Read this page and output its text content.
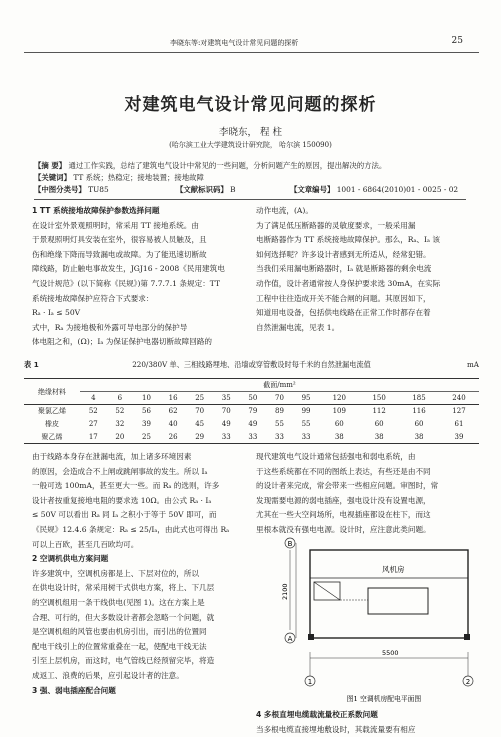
李晓东等:对建筑电气设计常见问题的探析	25
对建筑电气设计常见问题的探析
李晓东， 程 柱
(哈尔滨工业大学建筑设计研究院， 哈尔滨 150090)
【摘 要】 通过工作实践，总结了建筑电气设计中常见的一些问题，分析问题产生的原因，提出解决的方法。
【关键词】 TT 系统；热稳定；接地装置；接地故障
【中图分类号】 TU85	【文献标识码】 B	【文章编号】 1001 - 6864(2010)01 - 0025 - 02

1 TT 系统接地故障保护参数选择问题

在设计室外景观照明时，常采用 TT 接地系统。由

于景观照明灯具安装在室外，很容易被人员触及，且

伤和绝缘下降而导致漏电或故障。为了能迅速切断故

障线路，防止触电事故发生，JGJ16 - 2008《民用建筑电

气设计规范》(以下简称《民规》)第 7.7.7.1 条规定：TT

系统接地故障保护应符合下式要求：

Rₐ · Iₐ ≤ 50V

式中，Rₐ 为接地极和外露可导电部分的保护导

体电阻之和，(Ω)；Iₐ 为保证保护电器切断故障回路的

动作电流，(A)。

为了满足低压断路器的灵敏度要求，一般采用漏

电断路器作为 TT 系统接地故障保护。那么，Rₐ、Iₐ 该

如何选择呢？许多设计者感到无所适从，经常犯错。

当我们采用漏电断路器时，Iₐ 就是断路器的剩余电流

动作值，设计者通常按人身保护要求选 30mA，在实际

工程中往往造成开关不能合闸的问题。其原因如下，

知道用电设备，包括供电线路在正常工作时都存在着

自然泄漏电流，见表 1。

表 1	220/380V 单、三相线路埋地、沿墙或穿管敷设时每千米的自然泄漏电流值	mA
绝缘材料	截面/mm²												
	4	6	10	16	25	35	50	70	95	120	150	185	240
聚氯乙烯	52	52	56	62	70	70	79	89	99	109	112	116	127
橡皮	27	32	39	40	45	49	49	55	55	60	60	60	61
聚乙烯	17	20	25	26	29	33	33	33	33	38	38	38	39

由于线路本身存在泄漏电流，加上诸多环境因素

的原因，会造成合不上闸或跳闸事故的发生。所以 Iₐ

一般可选 100mA，甚至更大一些。而 Rₐ 的选则，许多

设计者按重复接地电阻的要求选 10Ω。由公式 Rₐ · Iₐ

≤ 50V 可以看出 Rₐ 同 Iₐ 之积小于等于 50V 即可，而

《民规》12.4.6 条规定：Rₐ ≤ 25/Iₐ，由此式也可得出 Rₐ

可以上百欧，甚至几百欧均可。

2 空调机供电方案问题

许多建筑中，空调机房都是上、下层对位的，所以

在供电设计时，常采用树干式供电方案，将上、下几层

的空调机组用一条干线供电(见图 1)。这在方案上是

合理、可行的，但大多数设计者都会忽略一个问题，就

是空调机组的风管也要由机房引出，而引出的位置同

配电干线引上的位置常重叠在一起，使配电干线无法

引至上层机房，而这时，电气管线已经预留完毕，将造

成返工、浪费的后果，应引起设计者的注意。

3 强、弱电插座配合问题

现代建筑电气设计通常包括强电和弱电系统，由

于这些系统都在不同的图纸上表达，有些还是由不同

的设计者来完成，常会带来一些相应问题。审图时，常

发现需要电源的弱电插座，强电设计没有设置电源，

尤其在一些大空间场所，电视插座都设在柱下，而这

里根本就没有强电电源。设计时，应注意此类问题。

B
A
2100
风机房
5500
1	2
图1 空调机房配电平面图

4 多根直埋电缆载流量校正系数问题

当多根电缆直接埋地敷设时，其载流量要有相应
